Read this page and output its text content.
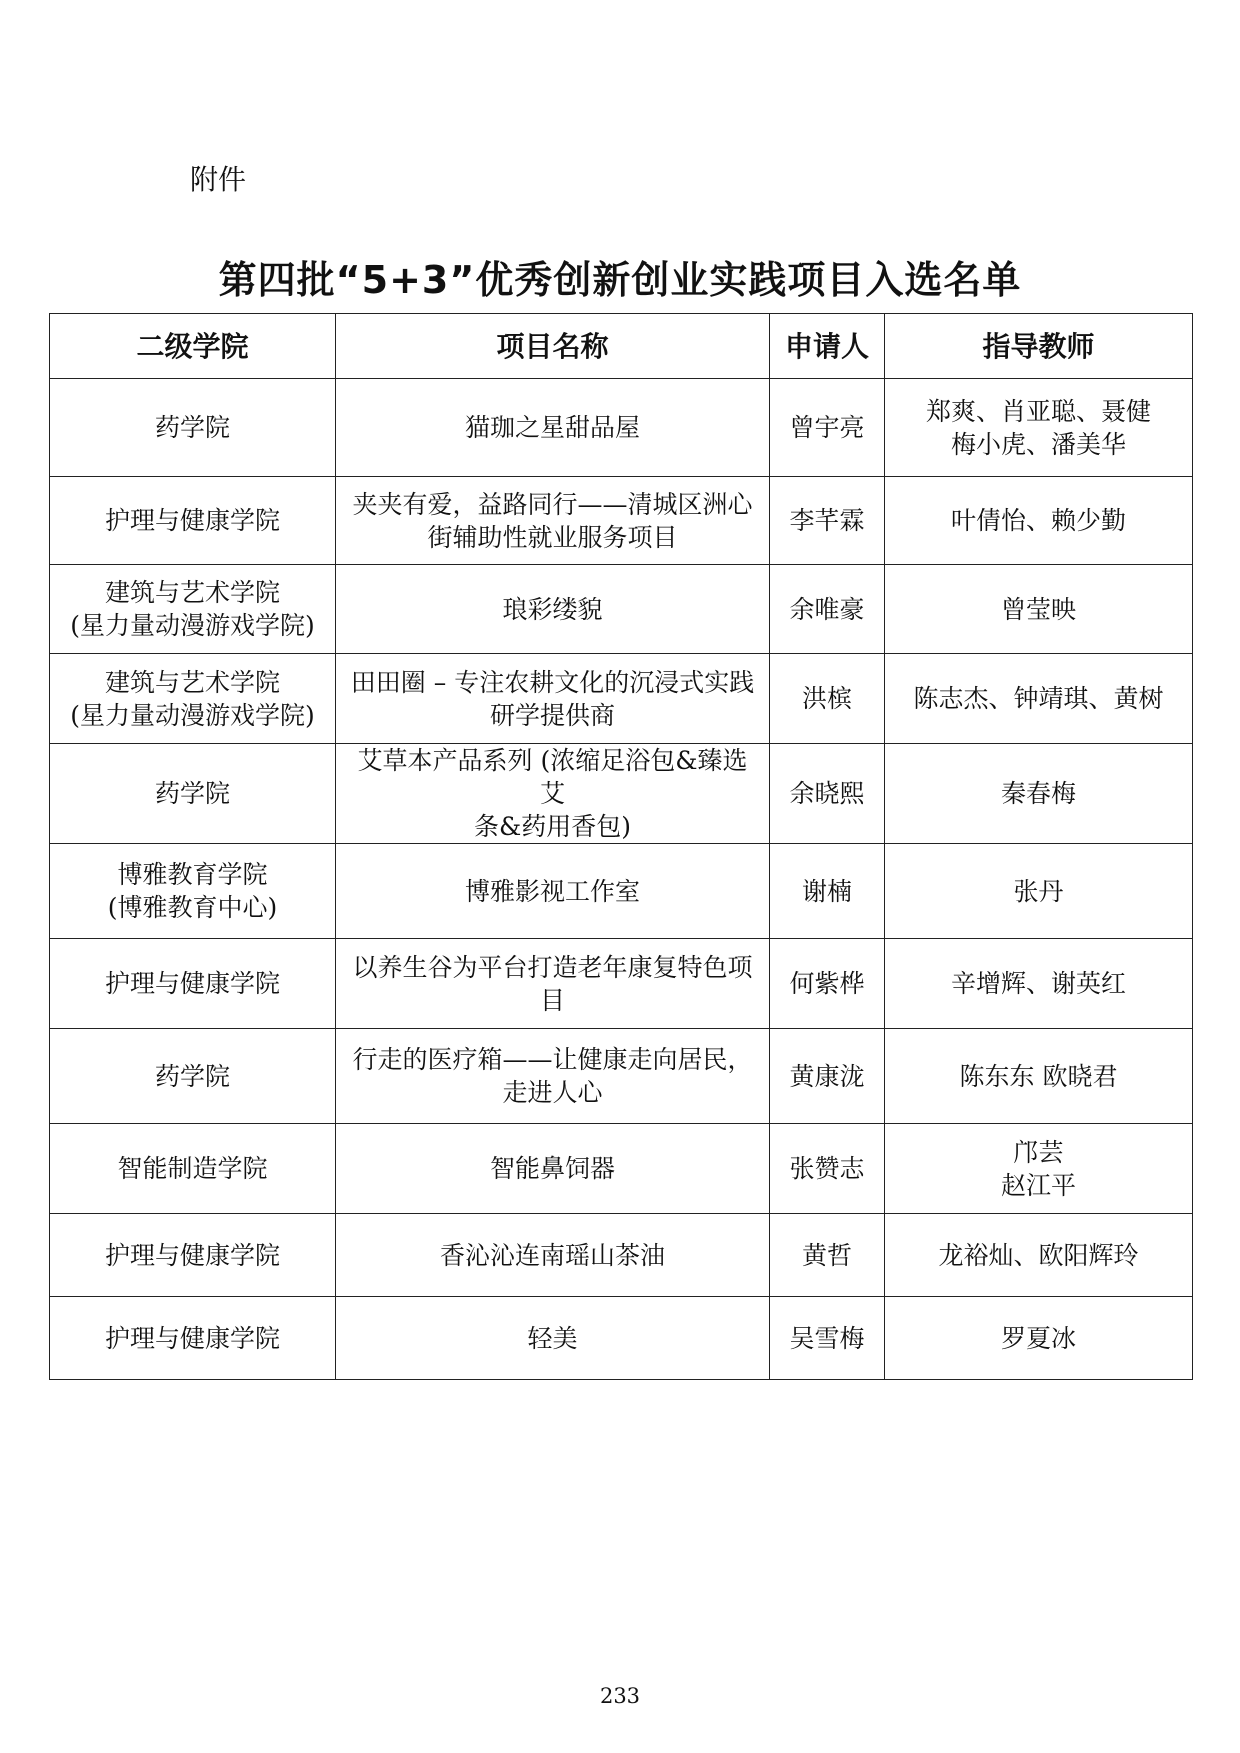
附件
第四批“5+3”优秀创新创业实践项目入选名单
二级学院	项目名称	申请人	指导教师

药学院	猫珈之星甜品屋	曾宇亮	郑爽、肖亚聪、聂健
梅小虎、潘美华

护理与健康学院	夹夹有爱，益路同行——清城区洲心
街辅助性就业服务项目	李芊霖	叶倩怡、赖少勤

建筑与艺术学院
(星力量动漫游戏学院)	琅彩缕貌	余唯豪	曾莹映

建筑与艺术学院
(星力量动漫游戏学院)	田田圈 – 专注农耕文化的沉浸式实践
研学提供商	洪槟	陈志杰、钟靖琪、黄树

药学院	艾草本产品系列 (浓缩足浴包&臻选艾
条&药用香包)	余晓熙	秦春梅

博雅教育学院
(博雅教育中心)	博雅影视工作室	谢楠	张丹

护理与健康学院	以养生谷为平台打造老年康复特色项
目	何紫桦	辛增辉、谢英红

药学院	行走的医疗箱——让健康走向居民，
走进人心	黄康泷	陈东东 欧晓君

智能制造学院	智能鼻饲器	张赞志	邝芸
赵江平

护理与健康学院	香沁沁连南瑶山茶油	黄哲	龙裕灿、欧阳辉玲

护理与健康学院	轻美	吴雪梅	罗夏冰
233
